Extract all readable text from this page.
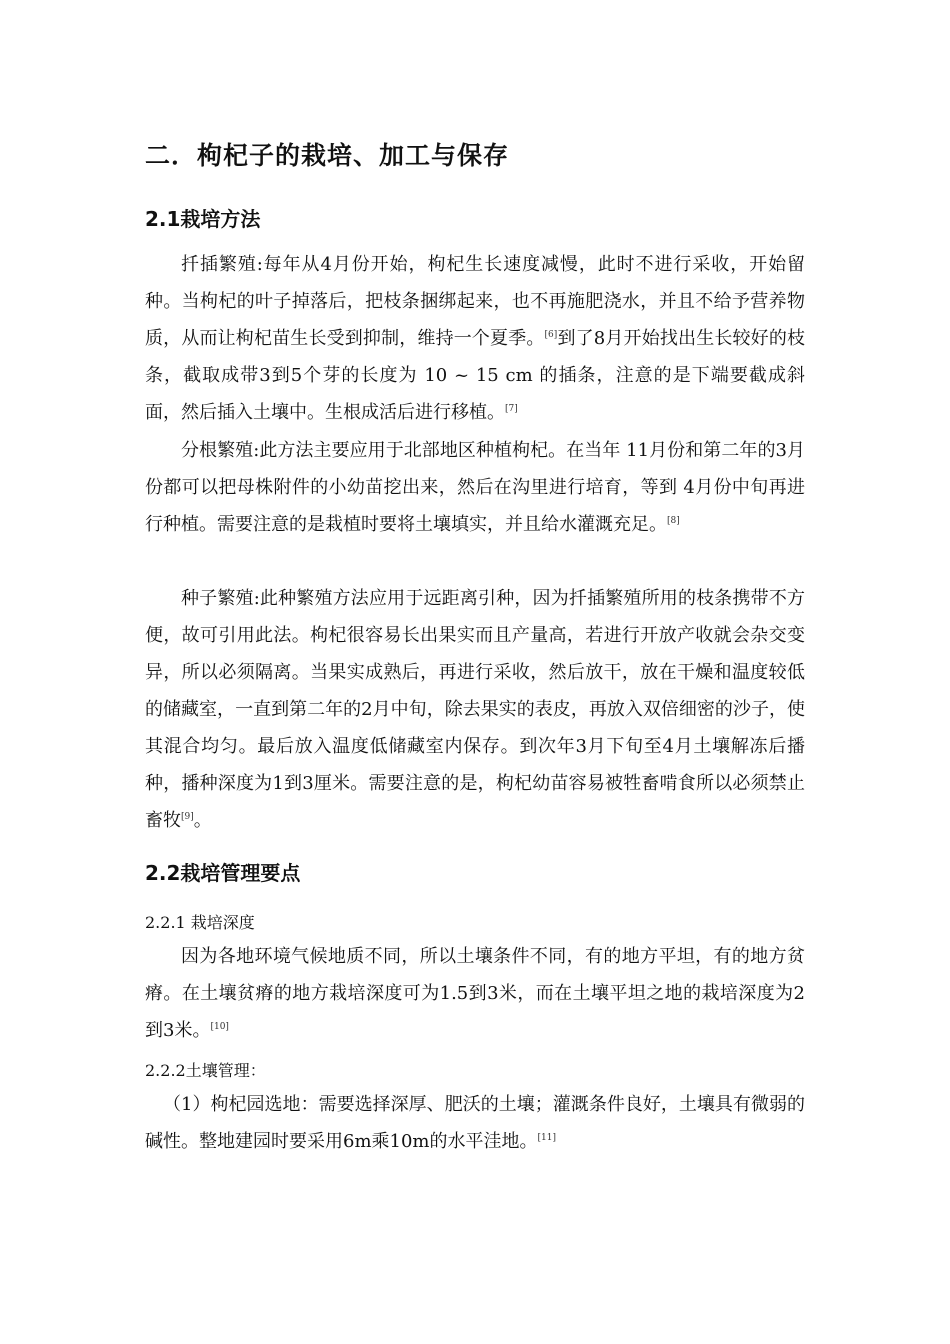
二．枸杞子的栽培、加工与保存
2.1栽培方法

扦插繁殖:每年从4月份开始，枸杞生长速度减慢，此时不进行采收，开始留种。当枸杞的叶子掉落后，把枝条捆绑起来，也不再施肥浇水，并且不给予营养物质，从而让枸杞苗生长受到抑制，维持一个夏季。[6]到了8月开始找出生长较好的枝条，截取成带3到5个芽的长度为 10 ~ 15 cm 的插条，注意的是下端要截成斜面，然后插入土壤中。生根成活后进行移植。[7]

分根繁殖:此方法主要应用于北部地区种植枸杞。在当年 11月份和第二年的3月份都可以把母株附件的小幼苗挖出来，然后在沟里进行培育，等到 4月份中旬再进行种植。需要注意的是栽植时要将土壤填实，并且给水灌溉充足。[8]

种子繁殖:此种繁殖方法应用于远距离引种，因为扦插繁殖所用的枝条携带不方便，故可引用此法。枸杞很容易长出果实而且产量高，若进行开放产收就会杂交变异，所以必须隔离。当果实成熟后，再进行采收，然后放干，放在干燥和温度较低的储藏室，一直到第二年的2月中旬，除去果实的表皮，再放入双倍细密的沙子，使其混合均匀。最后放入温度低储藏室内保存。到次年3月下旬至4月土壤解冻后播种，播种深度为1到3厘米。需要注意的是，枸杞幼苗容易被牲畜啃食所以必须禁止畜牧[9]。

2.2栽培管理要点
2.2.1 栽培深度

因为各地环境气候地质不同，所以土壤条件不同，有的地方平坦，有的地方贫瘠。在土壤贫瘠的地方栽培深度可为1.5到3米，而在土壤平坦之地的栽培深度为2到3米。[10]

2.2.2土壤管理：

（1）枸杞园选地：需要选择深厚、肥沃的土壤；灌溉条件良好，土壤具有微弱的碱性。整地建园时要采用6m乘10m的水平洼地。[11]
